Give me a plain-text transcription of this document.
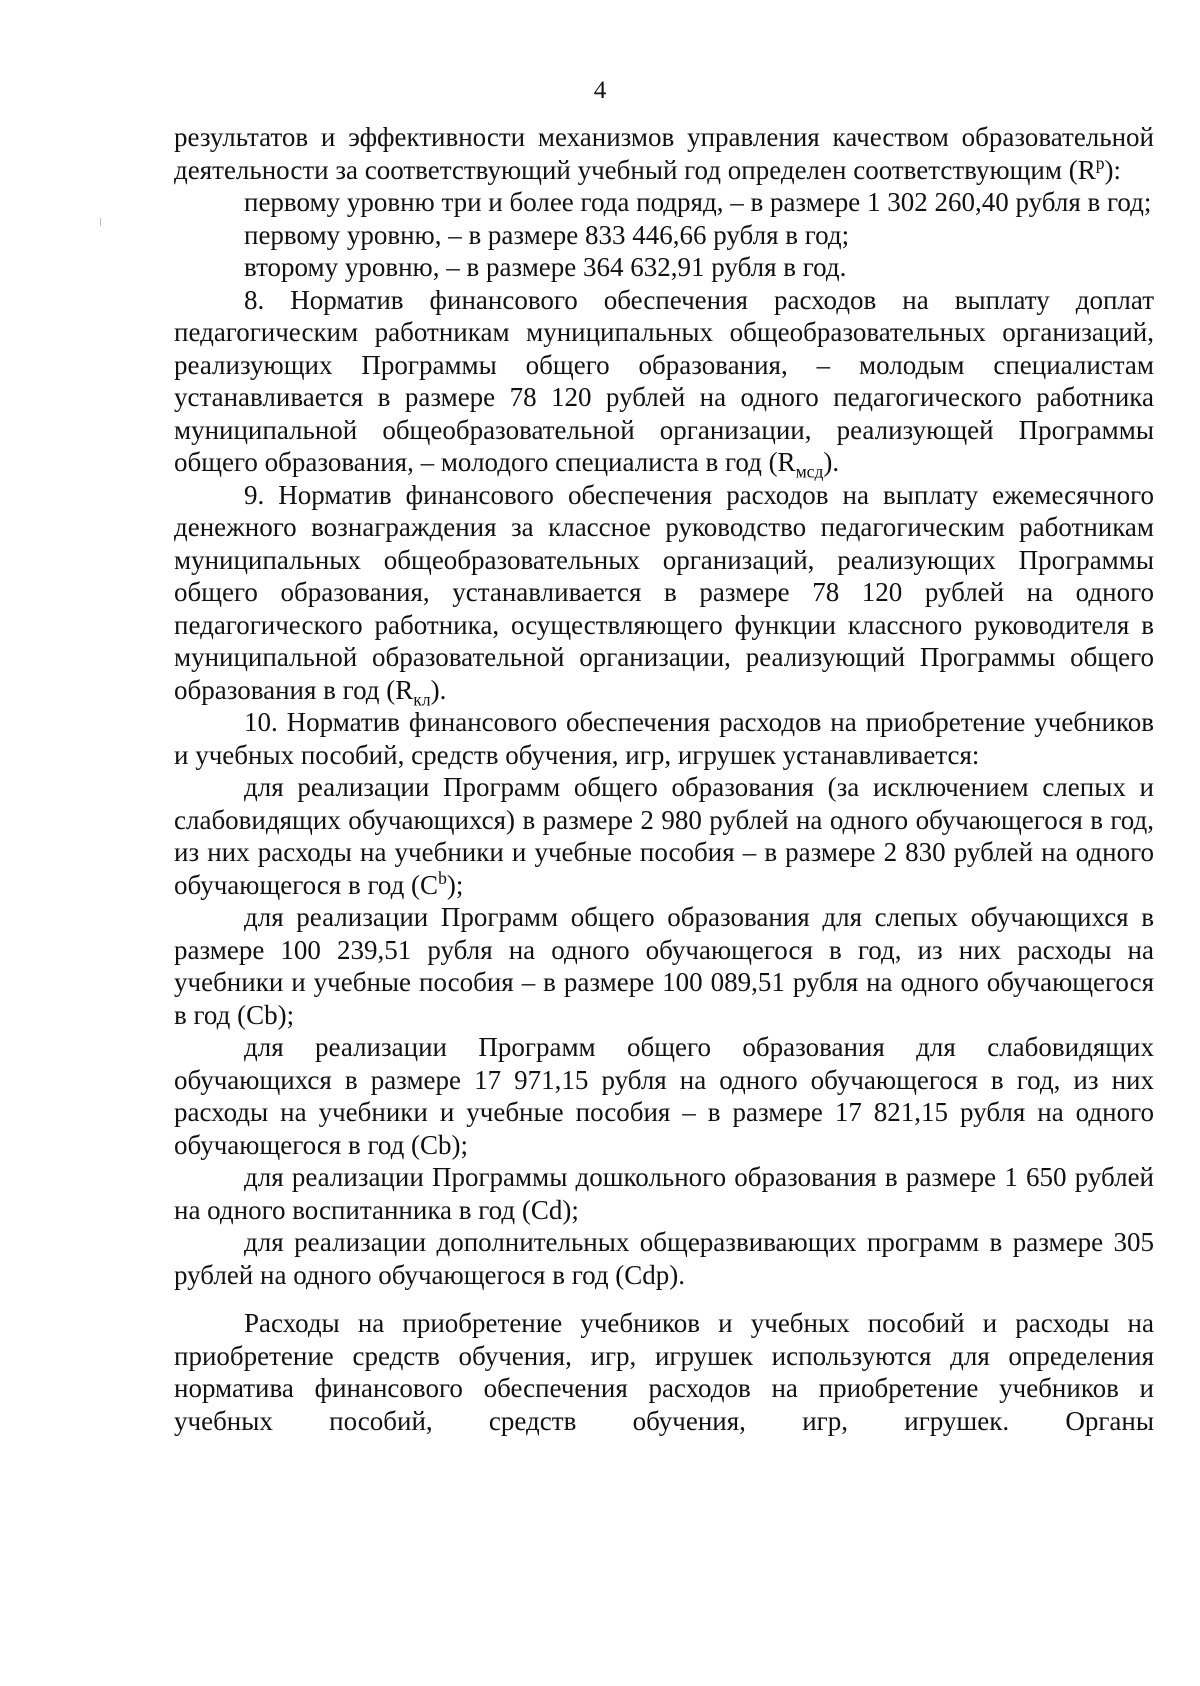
4

результатов и эффективности механизмов управления качеством образовательной деятельности за соответствующий учебный год определен соответствующим $(R^p)$:

первому уровню три и более года подряд, – в размере 1 302 260,40 рубля в год;

первому уровню, – в размере 833 446,66 рубля в год;

второму уровню, – в размере 364 632,91 рубля в год.

8. Норматив финансового обеспечения расходов на выплату доплат педагогическим работникам муниципальных общеобразовательных организаций, реализующих Программы общего образования, – молодым специалистам устанавливается в размере 78 120 рублей на одного педагогического работника муниципальной общеобразовательной организации, реализующей Программы общего образования, – молодого специалиста в год $(R_{мсд})$.

9. Норматив финансового обеспечения расходов на выплату ежемесячного денежного вознаграждения за классное руководство педагогическим работникам муниципальных общеобразовательных организаций, реализующих Программы общего образования, устанавливается в размере 78 120 рублей на одного педагогического работника, осуществляющего функции классного руководителя в муниципальной образовательной организации, реализующий Программы общего образования в год $(R_{кл})$.

10. Норматив финансового обеспечения расходов на приобретение учебников и учебных пособий, средств обучения, игр, игрушек устанавливается:

для реализации Программ общего образования (за исключением слепых и слабовидящих обучающихся) в размере 2 980 рублей на одного обучающегося в год, из них расходы на учебники и учебные пособия – в размере 2 830 рублей на одного обучающегося в год $(C^b)$;

для реализации Программ общего образования для слепых обучающихся в размере 100 239,51 рубля на одного обучающегося в год, из них расходы на учебники и учебные пособия – в размере 100 089,51 рубля на одного обучающегося в год (Cb);

для реализации Программ общего образования для слабовидящих обучающихся в размере 17 971,15 рубля на одного обучающегося в год, из них расходы на учебники и учебные пособия – в размере 17 821,15 рубля на одного обучающегося в год (Cb);

для реализации Программы дошкольного образования в размере 1 650 рублей на одного воспитанника в год (Cd);

для реализации дополнительных общеразвивающих программ в размере 305 рублей на одного обучающегося в год (Cdp).

Расходы на приобретение учебников и учебных пособий и расходы на приобретение средств обучения, игр, игрушек используются для определения норматива финансового обеспечения расходов на приобретение учебников и учебных пособий, средств обучения, игр, игрушек. Органы
